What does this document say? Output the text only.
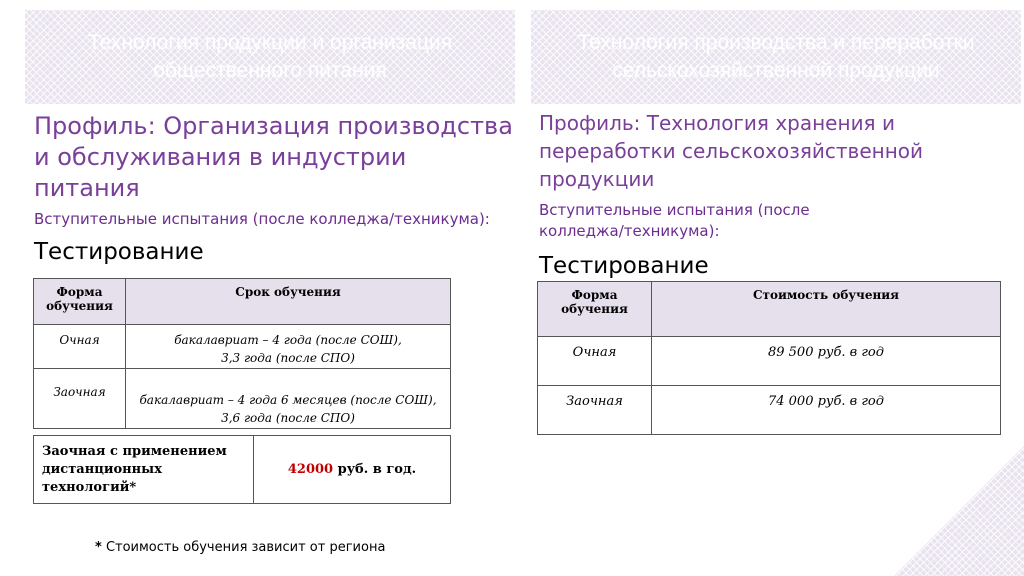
Технология продукции и организация общественного питания
Технология производства и переработки сельскохозяйственной продукции
Профиль: Организация производства и обслуживания в индустрии питания
Профиль: Технология хранения и переработки сельскохозяйственной продукции
Вступительные испытания (после колледжа/техникума):	Вступительные испытания (после колледжа/техникума):
Тестирование
Тестирование
Форма обучения	Срок обучения
Очная	бакалавриат – 4 года (после СОШ),
3,3 года (после СПО)

Заочная	бакалавриат – 4 года 6 месяцев (после СОШ),
3,6 года (после СПО)
Заочная с применением дистанционных технологий*	42000 руб. в год.
Форма обучения	Стоимость обучения
Очная	89 500 руб. в год
Заочная	74 000 руб. в год
* Стоимость обучения зависит от региона
